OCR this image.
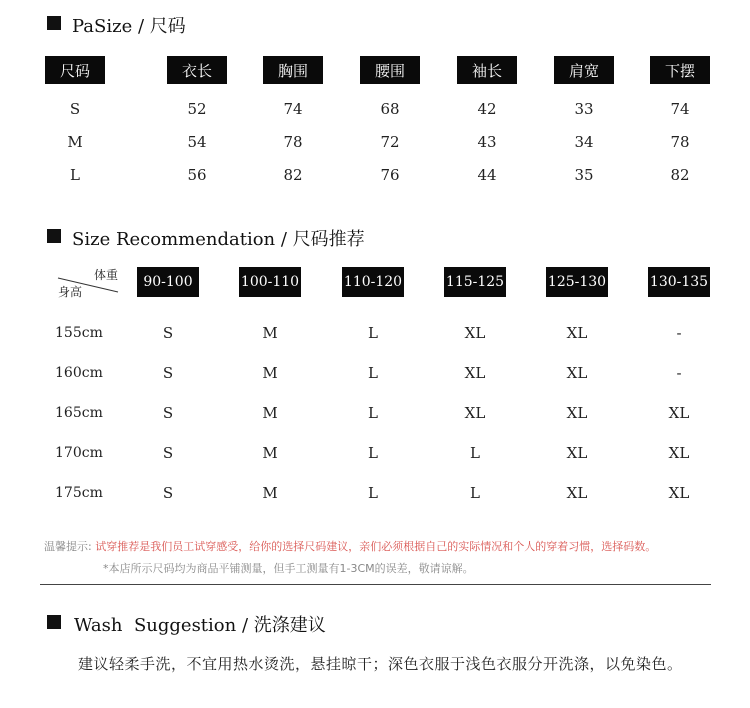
PaSize / 尺码
尺码	衣长	胸围	腰围	袖长	肩宽	下摆
S	52	74	68	42	33	74
M	54	78	72	43	34	78
L	56	82	76	44	35	82
Size Recommendation / 尺码推荐
体重
身高
90-100	100-110	110-120	115-125	125-130	130-135
155cm	S	M	L	XL	XL	-
160cm	S	M	L	XL	XL	-
165cm	S	M	L	XL	XL	XL
170cm	S	M	L	L	XL	XL
175cm	S	M	L	L	XL	XL
温馨提示: 试穿推荐是我们员工试穿感受，给你的选择尺码建议，亲们必须根据自己的实际情况和个人的穿着习惯，选择码数。
*本店所示尺码均为商品平铺测量，但手工测量有1-3CM的误差，敬请谅解。
Wash  Suggestion / 洗涤建议
建议轻柔手洗，不宜用热水烫洗，悬挂晾干；深色衣服于浅色衣服分开洗涤，以免染色。
